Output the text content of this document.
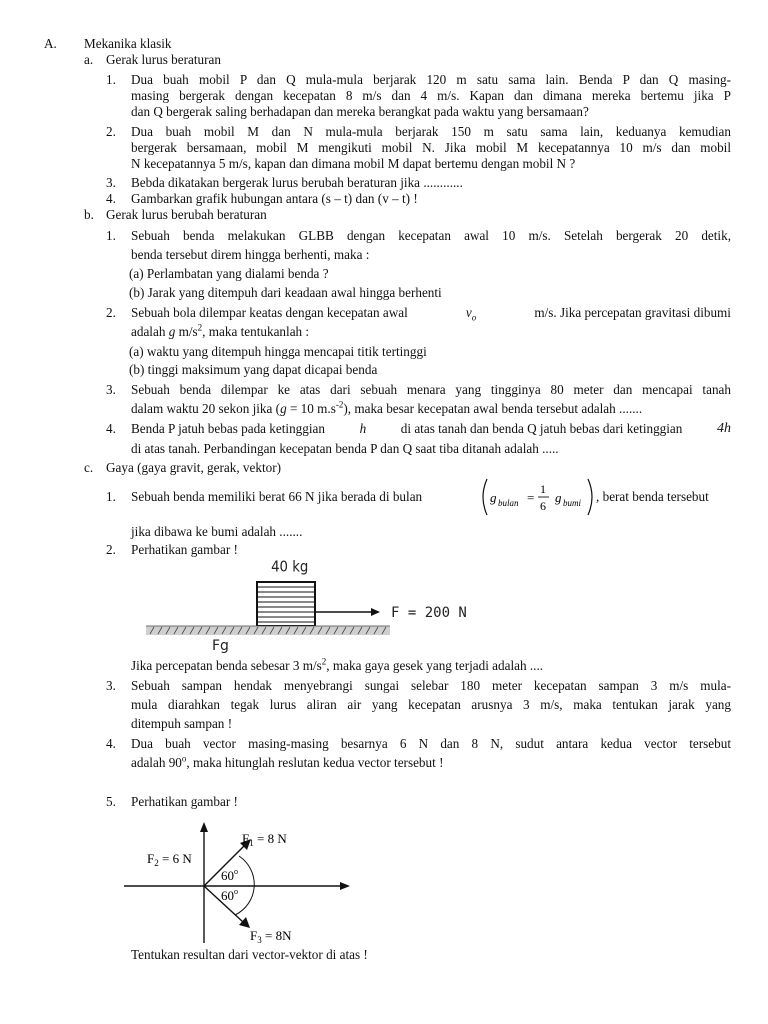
A. Mekanika klasik
a. Gerak lurus beraturan
1. Dua buah mobil P dan Q mula-mula berjarak 120 m satu sama lain. Benda P dan Q masing-
masing bergerak dengan kecepatan 8 m/s dan 4 m/s. Kapan dan dimana mereka bertemu jika P
dan Q bergerak saling berhadapan dan mereka berangkat pada waktu yang bersamaan?
2. Dua buah mobil M dan N mula-mula berjarak 150 m satu sama lain, keduanya kemudian
bergerak bersamaan, mobil M mengikuti mobil N. Jika mobil M kecepatannya 10 m/s dan mobil
N kecepatannya 5 m/s, kapan dan dimana mobil M dapat bertemu dengan mobil N ?
3. Bebda dikatakan bergerak lurus berubah beraturan jika ............
4. Gambarkan grafik hubungan antara (s – t) dan (v – t) !
b. Gerak lurus berubah beraturan
1. Sebuah benda melakukan GLBB dengan kecepatan awal 10 m/s. Setelah bergerak 20 detik,
benda tersebut direm hingga berhenti, maka :
(a) Perlambatan yang dialami benda ?
(b) Jarak yang ditempuh dari keadaan awal hingga berhenti
2. Sebuah bola dilempar keatas dengan kecepatan awal	$v_o$	m/s. Jika percepatan gravitasi dibumi
adalah g $m/s^2$, maka tentukanlah :
(a) waktu yang ditempuh hingga mencapai titik tertinggi
(b) tinggi maksimum yang dapat dicapai benda
3. Sebuah benda dilempar ke atas dari sebuah menara yang tingginya 80 meter dan mencapai tanah
dalam waktu 20 sekon jika (g = 10 $m.s^{-2}$), maka besar kecepatan awal benda tersebut adalah .......
4. Benda P jatuh bebas pada ketinggian	h	di atas tanah dan benda Q jatuh bebas dari ketinggian 4h
di atas tanah. Perbandingan kecepatan benda P dan Q saat tiba ditanah adalah .....
c. Gaya (gaya gravit, gerak, vektor)
1. Sebuah benda memiliki berat 66 N jika berada di bulan	g bulan =
1
6
g bumi , berat benda tersebut
jika dibawa ke bumi adalah .......
2. Perhatikan gambar !
40 kg
F = 200 N
Fg
Jika percepatan benda sebesar 3 $m/s^2$, maka gaya gesek yang terjadi adalah ....
3. Sebuah sampan hendak menyebrangi sungai selebar 180 meter kecepatan sampan 3 m/s mula-
mula diarahkan tegak lurus aliran air yang kecepatan arusnya 3 m/s, maka tentukan jarak yang
ditempuh sampan !
4. Dua buah vector masing-masing besarnya 6 N dan 8 N, sudut antara kedua vector tersebut
adalah 90$^o$, maka hitunglah reslutan kedua vector tersebut !
5. Perhatikan gambar !
$F_1 = 8$ N
$F_2 = 6$ N
$F_3 = 8N$
60$^o$
60$^o$
Tentukan resultan dari vector-vektor di atas !
